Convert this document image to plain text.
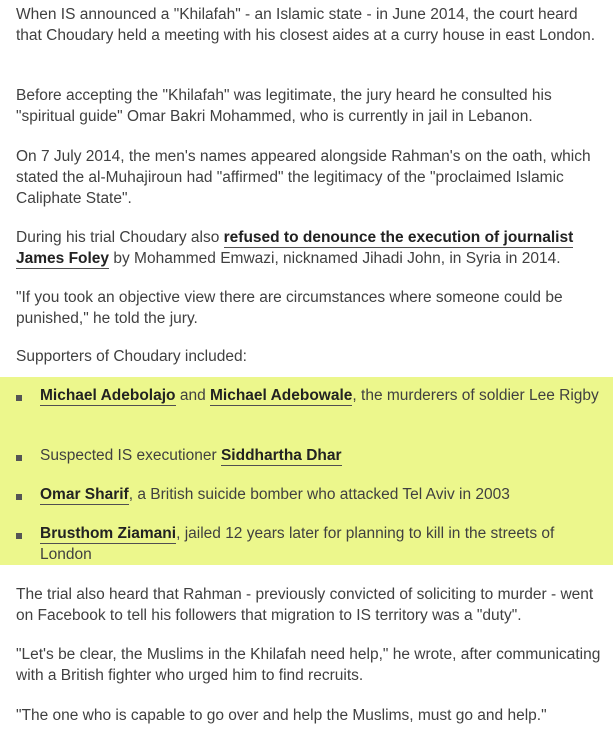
When IS announced a "Khilafah" - an Islamic state - in June 2014, the court heard that Choudary held a meeting with his closest aides at a curry house in east London.

Before accepting the "Khilafah" was legitimate, the jury heard he consulted his "spiritual guide" Omar Bakri Mohammed, who is currently in jail in Lebanon.

On 7 July 2014, the men's names appeared alongside Rahman's on the oath, which stated the al-Muhajiroun had "affirmed" the legitimacy of the "proclaimed Islamic Caliphate State".

During his trial Choudary also refused to denounce the execution of journalist James Foley by Mohammed Emwazi, nicknamed Jihadi John, in Syria in 2014.

"If you took an objective view there are circumstances where someone could be punished," he told the jury.

Supporters of Choudary included:

Michael Adebolajo and Michael Adebowale, the murderers of soldier Lee Rigby

Suspected IS executioner Siddhartha Dhar

Omar Sharif, a British suicide bomber who attacked Tel Aviv in 2003

Brusthom Ziamani, jailed 12 years later for planning to kill in the streets of London

The trial also heard that Rahman - previously convicted of soliciting to murder - went on Facebook to tell his followers that migration to IS territory was a "duty".

"Let's be clear, the Muslims in the Khilafah need help," he wrote, after communicating with a British fighter who urged him to find recruits.

"The one who is capable to go over and help the Muslims, must go and help."
